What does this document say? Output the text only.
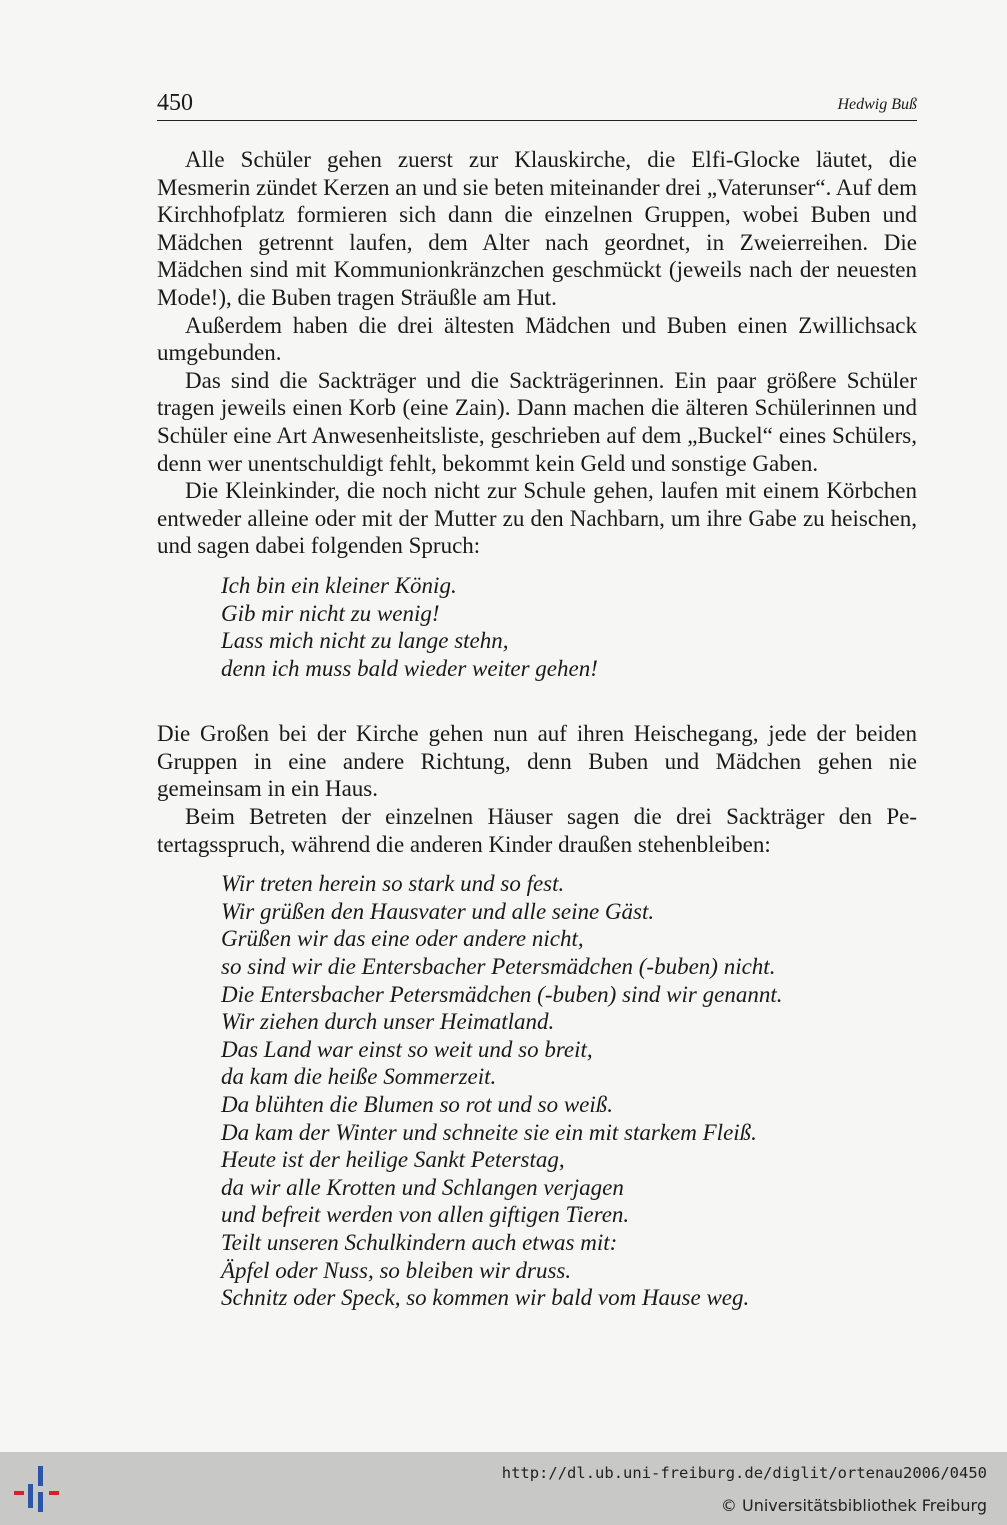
450	Hedwig Buß

Alle Schüler gehen zuerst zur Klauskirche, die Elfi-Glocke läutet, die Mesmerin zündet Kerzen an und sie beten miteinander drei „Vaterunser“. Auf dem Kirchhofplatz formieren sich dann die einzelnen Gruppen, wobei Buben und Mädchen getrennt laufen, dem Alter nach geordnet, in Zweierreihen. Die Mädchen sind mit Kommunionkränzchen geschmückt (jeweils nach der neuesten Mode!), die Buben tragen Sträußle am Hut.

Außerdem haben die drei ältesten Mädchen und Buben einen Zwillichsack umgebunden.

Das sind die Sackträger und die Sackträgerinnen. Ein paar größere Schüler tragen jeweils einen Korb (eine Zain). Dann machen die älteren Schülerinnen und Schüler eine Art Anwesenheitsliste, geschrieben auf dem „Buckel“ eines Schülers, denn wer unentschuldigt fehlt, bekommt kein Geld und sonstige Gaben.

Die Kleinkinder, die noch nicht zur Schule gehen, laufen mit einem Körbchen entweder alleine oder mit der Mutter zu den Nachbarn, um ihre Gabe zu heischen, und sagen dabei folgenden Spruch:

Ich bin ein kleiner König.
Gib mir nicht zu wenig!
Lass mich nicht zu lange stehn,
denn ich muss bald wieder weiter gehen!

Die Großen bei der Kirche gehen nun auf ihren Heischegang, jede der beiden Gruppen in eine andere Richtung, denn Buben und Mädchen gehen nie gemeinsam in ein Haus.

Beim Betreten der einzelnen Häuser sagen die drei Sackträger den Petertagsspruch, während die anderen Kinder draußen stehenbleiben:

Wir treten herein so stark und so fest.
Wir grüßen den Hausvater und alle seine Gäst.
Grüßen wir das eine oder andere nicht,
so sind wir die Entersbacher Petersmädchen (-buben) nicht.
Die Entersbacher Petersmädchen (-buben) sind wir genannt.
Wir ziehen durch unser Heimatland.
Das Land war einst so weit und so breit,
da kam die heiße Sommerzeit.
Da blühten die Blumen so rot und so weiß.
Da kam der Winter und schneite sie ein mit starkem Fleiß.
Heute ist der heilige Sankt Peterstag,
da wir alle Krotten und Schlangen verjagen
und befreit werden von allen giftigen Tieren.
Teilt unseren Schulkindern auch etwas mit:
Äpfel oder Nuss, so bleiben wir druss.
Schnitz oder Speck, so kommen wir bald vom Hause weg.
http://dl.ub.uni-freiburg.de/diglit/ortenau2006/0450
© Universitätsbibliothek Freiburg
